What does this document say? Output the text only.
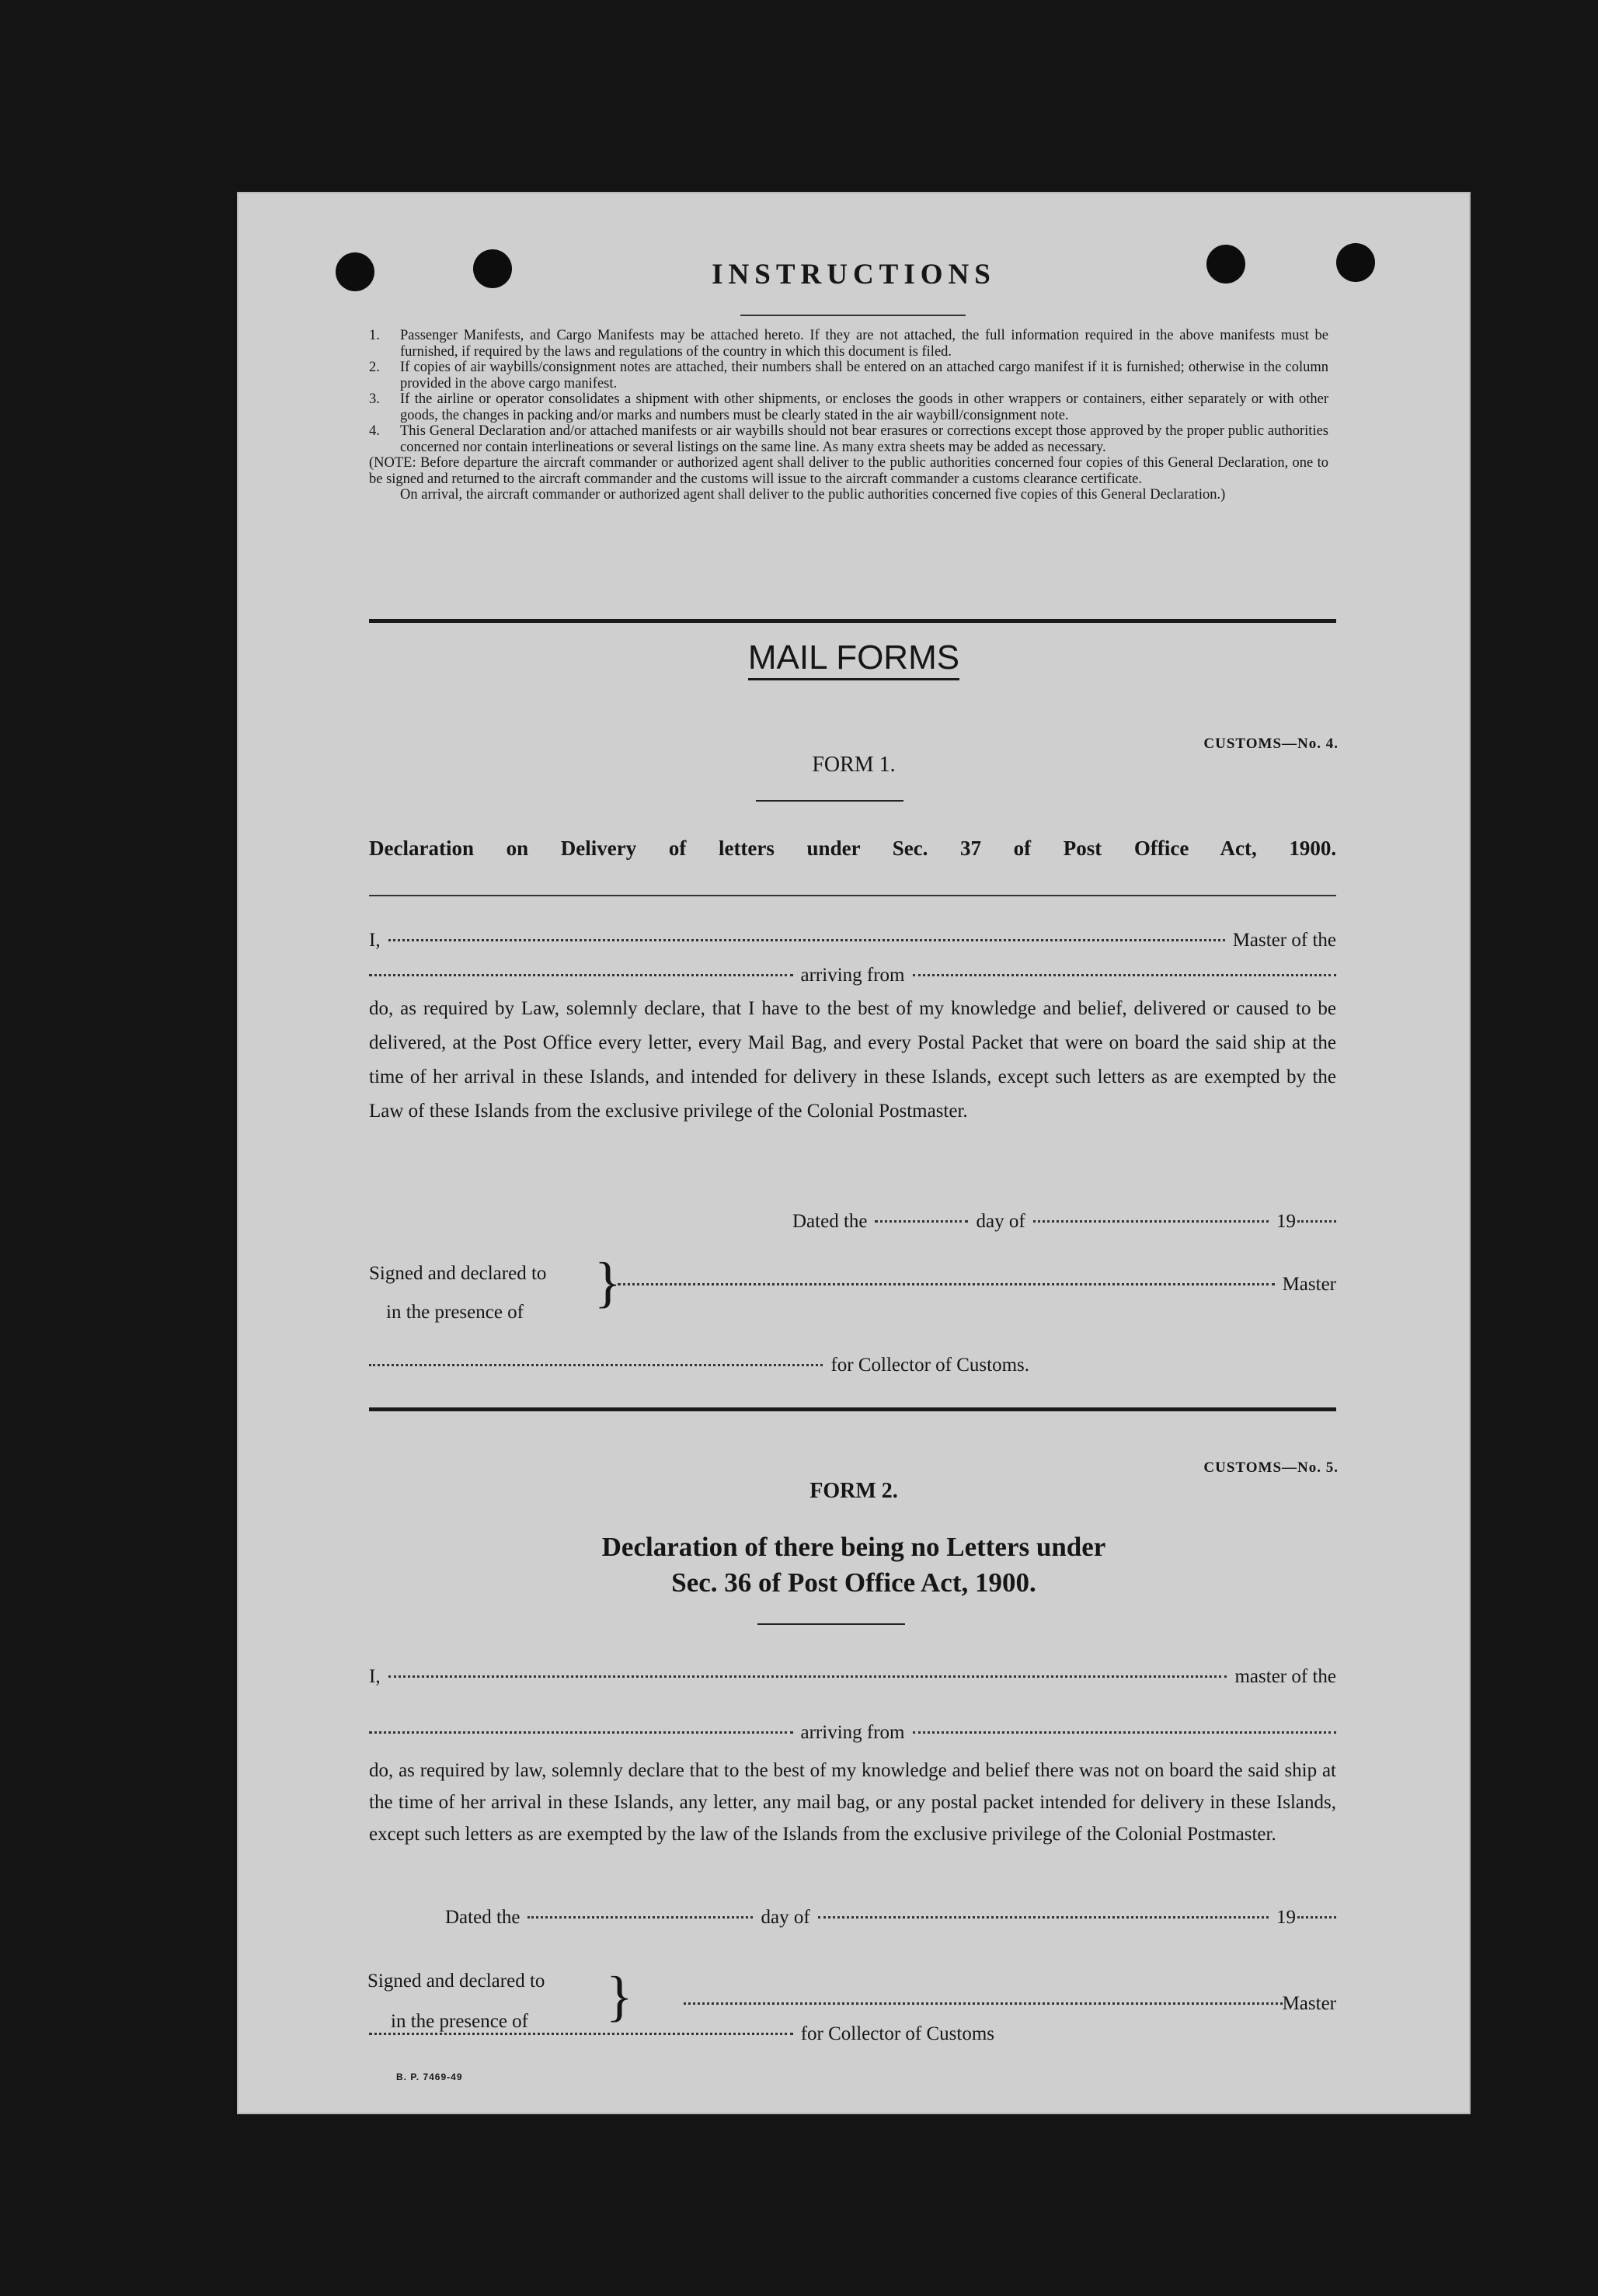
INSTRUCTIONS
1.	Passenger Manifests, and Cargo Manifests may be attached hereto. If they are not attached, the full information required in the above manifests must be furnished, if required by the laws and regulations of the country in which this document is filed.
2.	If copies of air waybills/consignment notes are attached, their numbers shall be entered on an attached cargo manifest if it is furnished; otherwise in the column provided in the above cargo manifest.
3.	If the airline or operator consolidates a shipment with other shipments, or encloses the goods in other wrappers or containers, either separately or with other goods, the changes in packing and/or marks and numbers must be clearly stated in the air waybill/consignment note.
4.	This General Declaration and/or attached manifests or air waybills should not bear erasures or corrections except those approved by the proper public authorities concerned nor contain interlineations or several listings on the same line. As many extra sheets may be added as necessary.
(NOTE: Before departure the aircraft commander or authorized agent shall deliver to the public authorities concerned four copies of this General Declaration, one to be signed and returned to the aircraft commander and the customs will issue to the aircraft commander a customs clearance certificate.
On arrival, the aircraft commander or authorized agent shall deliver to the public authorities concerned five copies of this General Declaration.)
MAIL FORMS
CUSTOMS—No. 4.
FORM 1.
Declaration on Delivery of letters under Sec. 37 of Post Office Act, 1900.
I,	Master of the
arriving from
do, as required by Law, solemnly declare, that I have to the best of my knowledge and belief, delivered or caused to be delivered, at the Post Office every letter, every Mail Bag, and every Postal Packet that were on board the said ship at the time of her arrival in these Islands, and intended for delivery in these Islands, except such letters as are exempted by the Law of these Islands from the exclusive privilege of the Colonial Postmaster.
Dated the	day of	19
Signed and declared to
in the presence of	}	Master
for Collector of Customs.
CUSTOMS—No. 5.
FORM 2.
Declaration of there being no Letters under
Sec. 36 of Post Office Act, 1900.
I,	master of the
arriving from
do, as required by law, solemnly declare that to the best of my knowledge and belief there was not on board the said ship at the time of her arrival in these Islands, any letter, any mail bag, or any postal packet intended for delivery in these Islands, except such letters as are exempted by the law of the Islands from the exclusive privilege of the Colonial Postmaster.
Dated the	day of	19
Signed and declared to
in the presence of }	Master
for Collector of Customs
B. P. 7469-49
